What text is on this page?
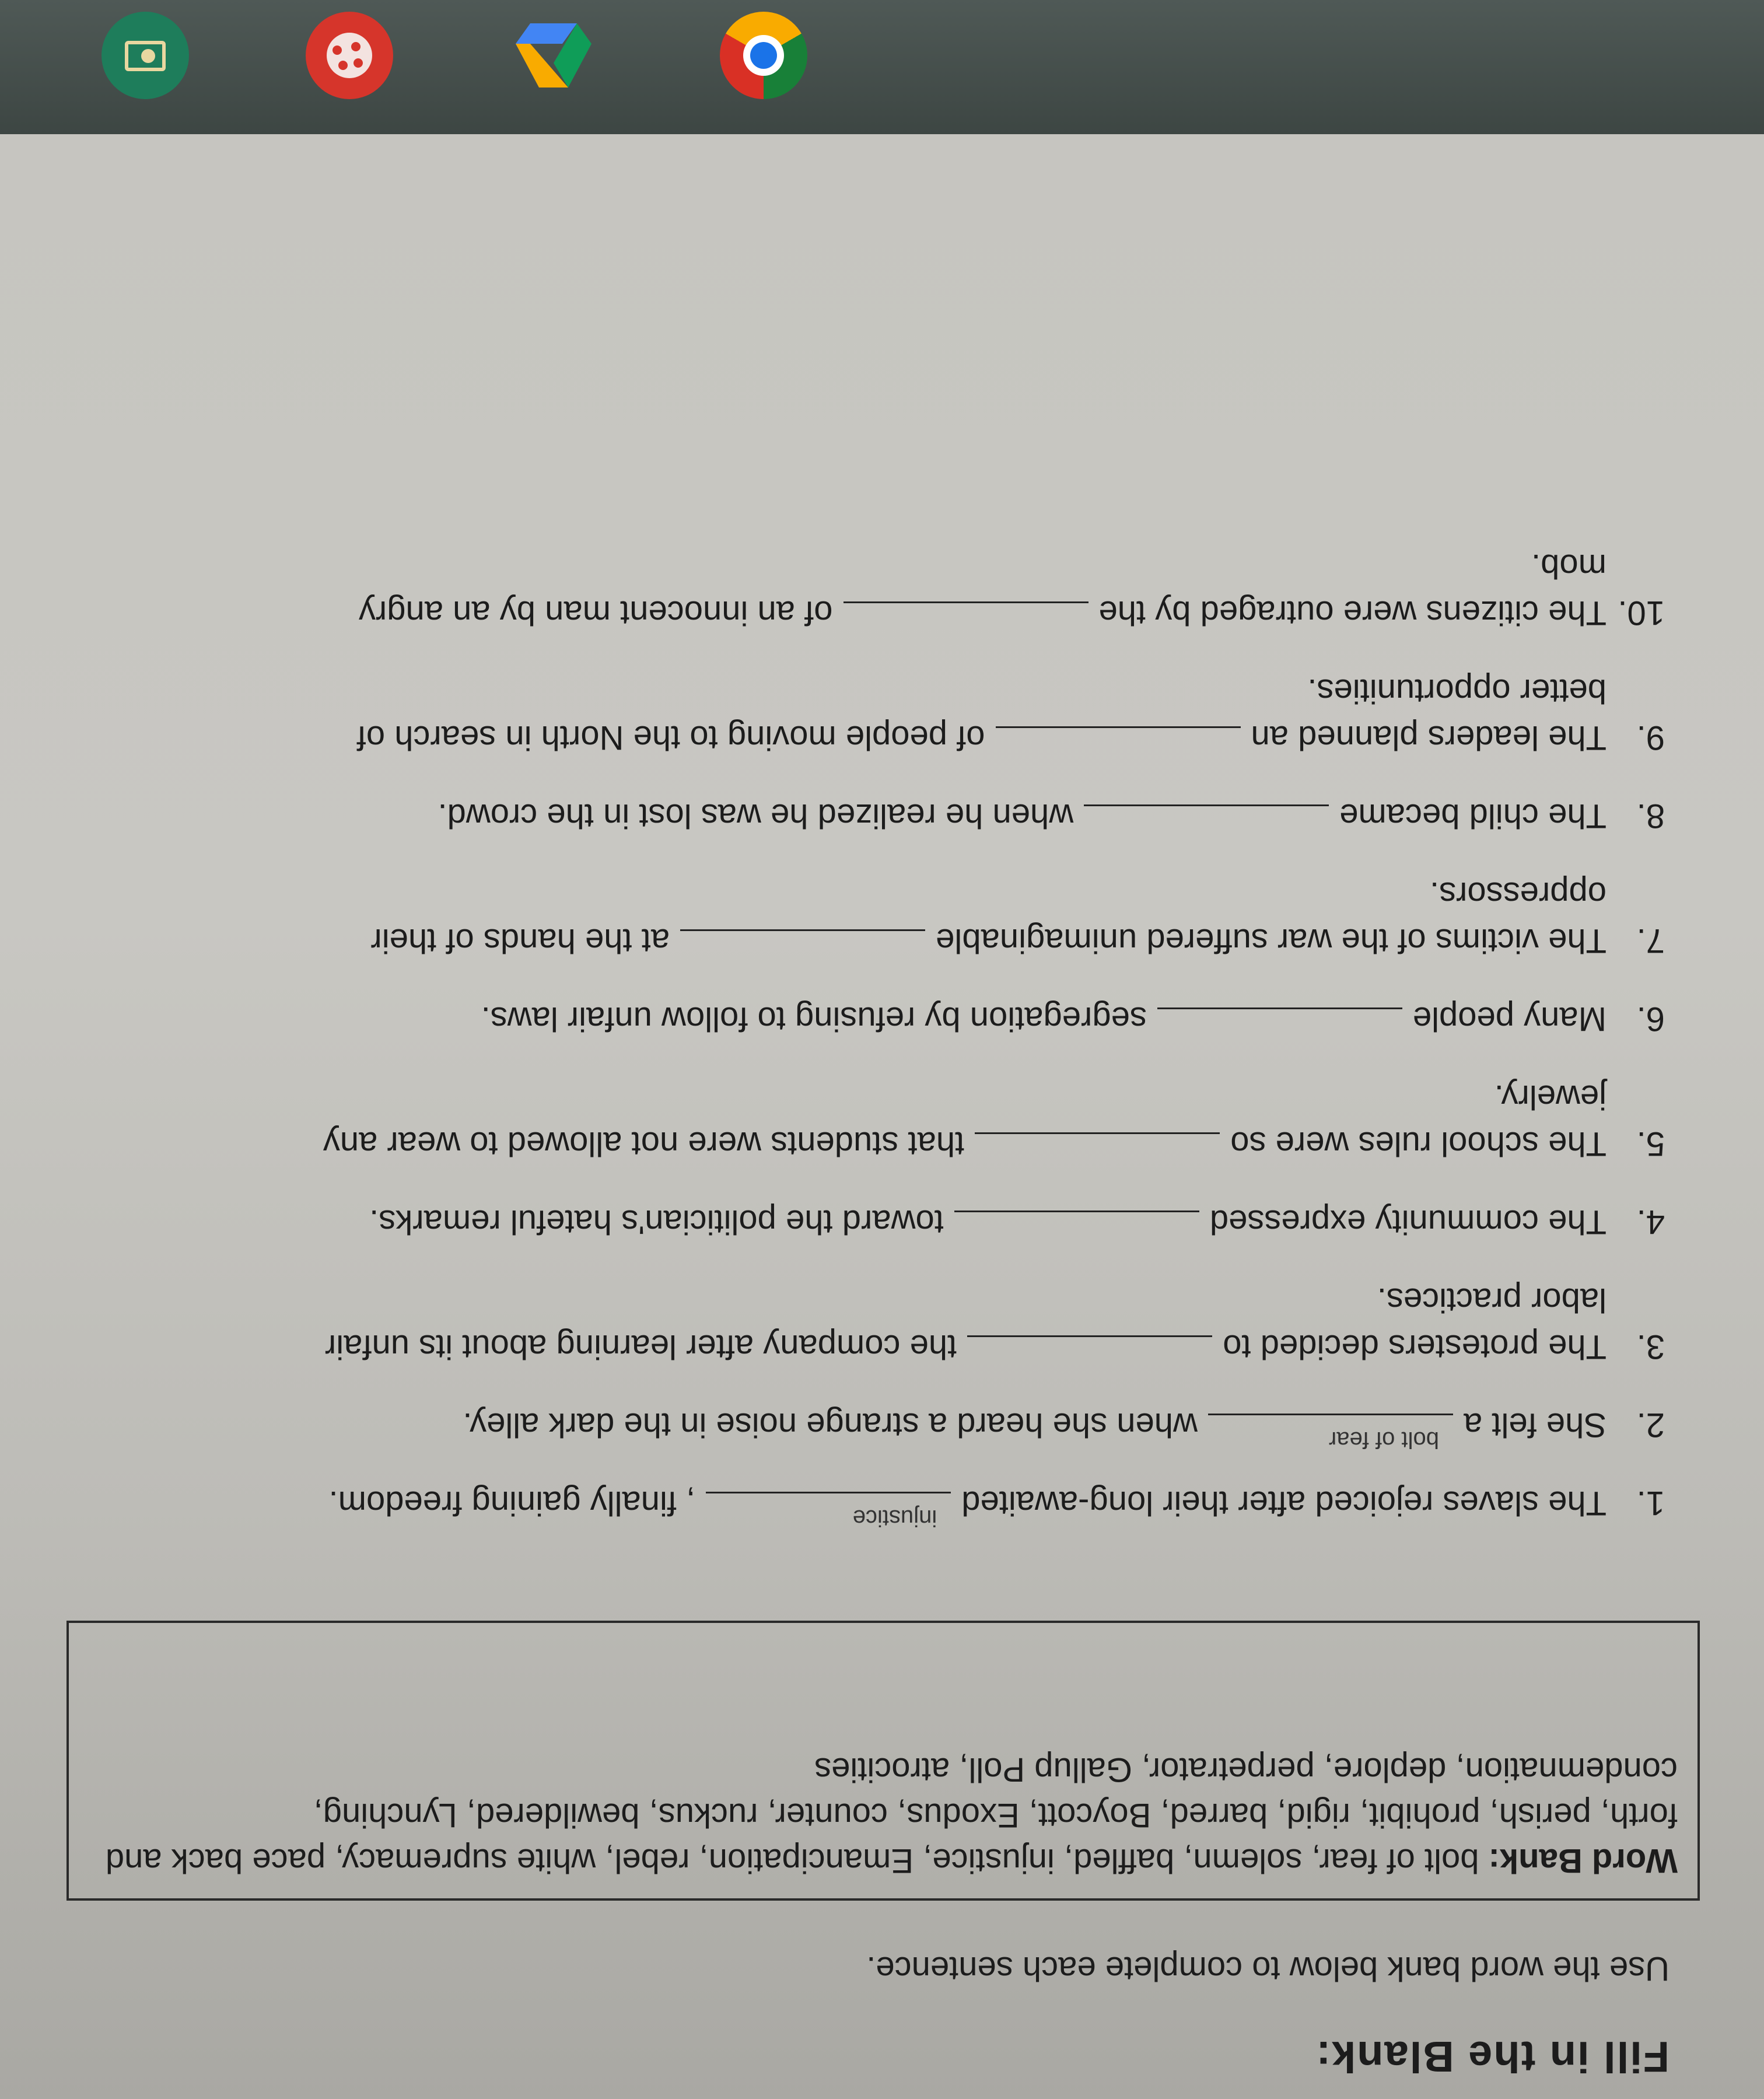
Fill in the Blank:
Use the word bank below to complete each sentence.
Word Bank: bolt of fear, solemn, baffled, injustice, Emancipation, rebel, white supremacy, pace back and forth, perish, prohibit, rigid, barred, Boycott, Exodus, counter, ruckus, bewildered, Lynching, condemnation, deplore, perpetrator, Gallup Poll, atrocities
1.The slaves rejoiced after their long-awaited
injustice
, finally gaining freedom.
2.She felt a
bolt of fear
when she heard a strange noise in the dark alley.
3.The protesters decided to
the company after learning about its unfair
labor practices.
4.The community expressed
toward the politician's hateful remarks.
5.The school rules were so
that students were not allowed to wear any
jewelry.
6.Many people
segregation by refusing to follow unfair laws.
7.The victims of the war suffered unimaginable
at the hands of their
oppressors.
8.The child became
when he realized he was lost in the crowd.
9.The leaders planned an
of people moving to the North in search of
better opportunities.
10.The citizens were outraged by the
of an innocent man by an angry
mob.
